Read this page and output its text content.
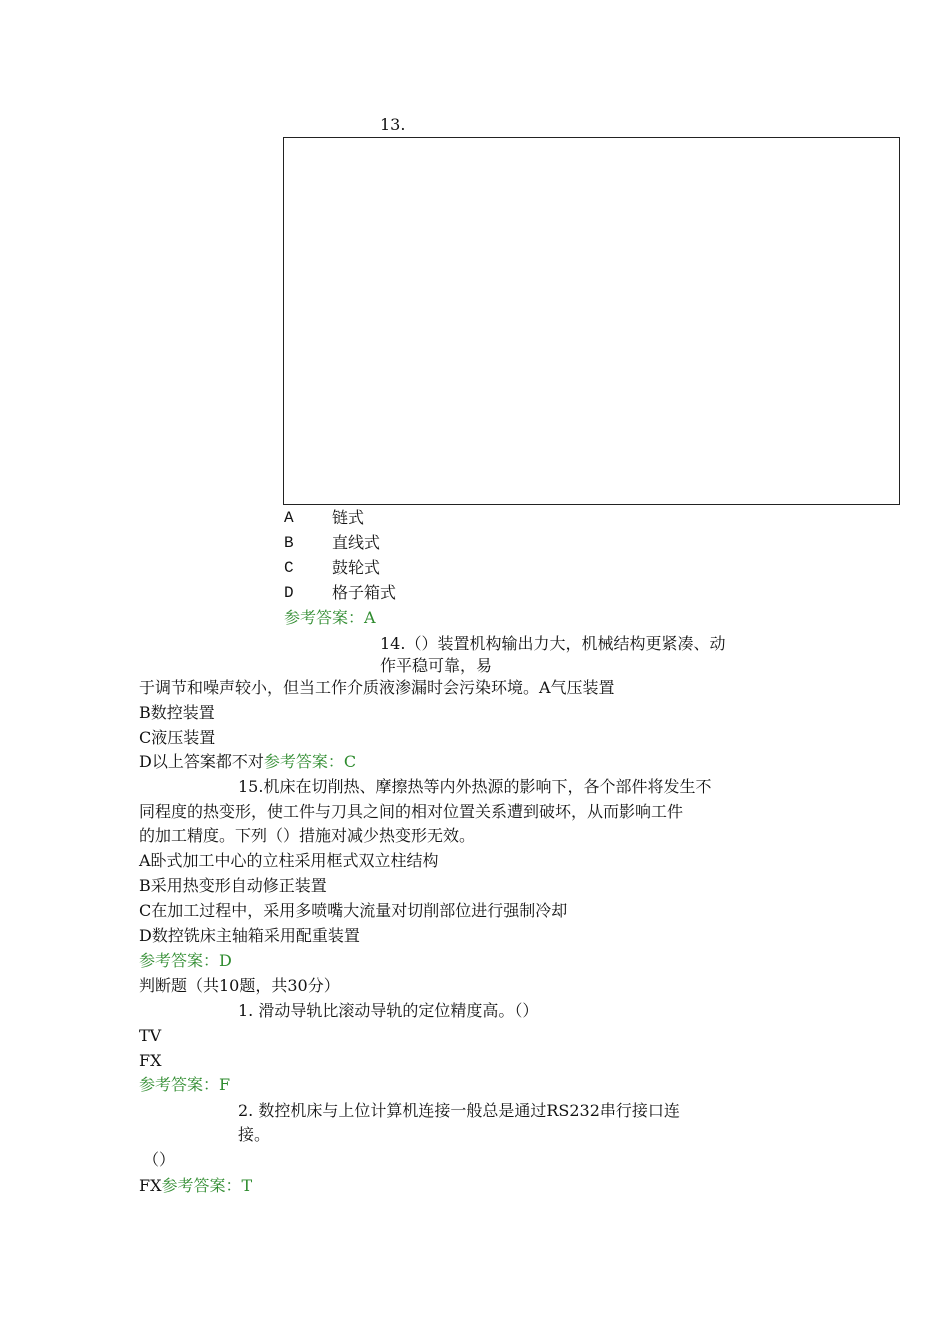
13.
A 链式
B 直线式
C 鼓轮式
D 格子箱式
参考答案：A
14.（）装置机构输出力大，机械结构更紧凑、动
作平稳可靠，易
于调节和噪声较小，但当工作介质液渗漏时会污染环境。A气压装置
B数控装置
C液压装置
D以上答案都不对参考答案：C
15.机床在切削热、摩擦热等内外热源的影响下，各个部件将发生不
同程度的热变形，使工件与刀具之间的相对位置关系遭到破坏，从而影响工件
的加工精度。下列（）措施对减少热变形无效。
A卧式加工中心的立柱采用框式双立柱结构
B采用热变形自动修正装置
C在加工过程中，采用多喷嘴大流量对切削部位进行强制冷却
D数控铣床主轴箱采用配重装置
参考答案：D
判断题（共10题，共30分）
1. 滑动导轨比滚动导轨的定位精度高。（）
TV
FX
参考答案：F
2. 数控机床与上位计算机连接一般总是通过RS232串行接口连
接。
（）
FX参考答案：T
